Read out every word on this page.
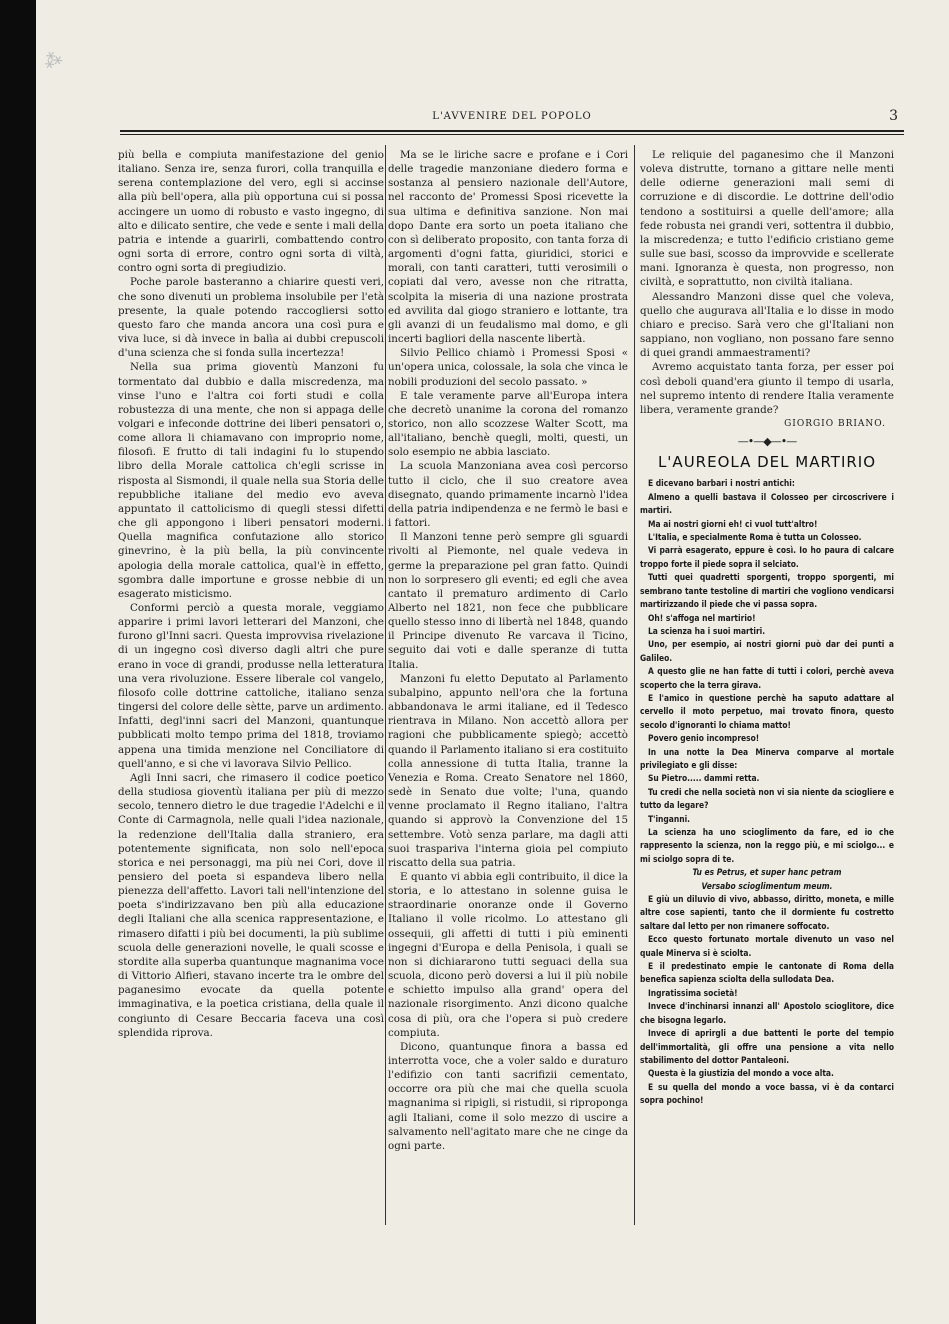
⁂
L'AVVENIRE DEL POPOLO	3

più bella e compiuta manifestazione del genio italiano. Senza ire, senza furori, colla tranquilla e serena contemplazione del vero, egli si accinse alla più bell'opera, alla più opportuna cui si possa accingere un uomo di robusto e vasto ingegno, di alto e dilicato sentire, che vede e sente i mali della patria e intende a guarirli, combattendo contro ogni sorta di errore, contro ogni sorta di viltà, contro ogni sorta di pregiudizio.

Poche parole basteranno a chiarire questi veri, che sono divenuti un problema insolubile per l'età presente, la quale potendo raccogliersi sotto questo faro che manda ancora una così pura e viva luce, si dà invece in balìa ai dubbi crepuscoli d'una scienza che si fonda sulla incertezza!

Nella sua prima gioventù Manzoni fu tormentato dal dubbio e dalla miscredenza, ma vinse l'uno e l'altra coi forti studi e colla robustezza di una mente, che non si appaga delle volgari e infeconde dottrine dei liberi pensatori o, come allora li chiamavano con improprio nome, filosofi. E frutto di tali indagini fu lo stupendo libro della Morale cattolica ch'egli scrisse in risposta al Sismondi, il quale nella sua Storia delle repubbliche italiane del medio evo aveva appuntato il cattolicismo di quegli stessi difetti che gli appongono i liberi pensatori moderni. Quella magnifica confutazione allo storico ginevrino, è la più bella, la più convincente apologia della morale cattolica, qual'è in effetto, sgombra dalle importune e grosse nebbie di un esagerato misticismo.

Conformi perciò a questa morale, veggiamo apparire i primi lavori letterari del Manzoni, che furono gl'Inni sacri. Questa improvvisa rivelazione di un ingegno così diverso dagli altri che pure erano in voce di grandi, produsse nella letteratura una vera rivoluzione. Essere liberale col vangelo, filosofo colle dottrine cattoliche, italiano senza tingersi del colore delle sètte, parve un ardimento. Infatti, degl'inni sacri del Manzoni, quantunque pubblicati molto tempo prima del 1818, troviamo appena una timida menzione nel Conciliatore di quell'anno, e si che vi lavorava Silvio Pellico.

Agli Inni sacri, che rimasero il codice poetico della studiosa gioventù italiana per più di mezzo secolo, tennero dietro le due tragedie l'Adelchi e il Conte di Carmagnola, nelle quali l'idea nazionale, la redenzione dell'Italia dalla straniero, era potentemente significata, non solo nell'epoca storica e nei personaggi, ma più nei Cori, dove il pensiero del poeta si espandeva libero nella pienezza dell'affetto. Lavori tali nell'intenzione del poeta s'indirizzavano ben più alla educazione degli Italiani che alla scenica rappresentazione, e rimasero difatti i più bei documenti, la più sublime scuola delle generazioni novelle, le quali scosse e stordite alla superba quantunque magnanima voce di Vittorio Alfieri, stavano incerte tra le ombre del paganesimo evocate da quella potente immaginativa, e la poetica cristiana, della quale il congiunto di Cesare Beccaria faceva una così splendida riprova.

Ma se le liriche sacre e profane e i Cori delle tragedie manzoniane diedero forma e sostanza al pensiero nazionale dell'Autore, nel racconto de' Promessi Sposi ricevette la sua ultima e definitiva sanzione. Non mai dopo Dante era sorto un poeta italiano che con sì deliberato proposito, con tanta forza di argomenti d'ogni fatta, giuridici, storici e morali, con tanti caratteri, tutti verosimili o copiati dal vero, avesse non che ritratta, scolpita la miseria di una nazione prostrata ed avvilita dal giogo straniero e lottante, tra gli avanzi di un feudalismo mal domo, e gli incerti bagliori della nascente libertà.

Silvio Pellico chiamò i Promessi Sposi « un'opera unica, colossale, la sola che vinca le nobili produzioni del secolo passato. »

E tale veramente parve all'Europa intera che decretò unanime la corona del romanzo storico, non allo scozzese Walter Scott, ma all'italiano, benchè quegli, molti, questi, un solo esempio ne abbia lasciato.

La scuola Manzoniana avea così percorso tutto il ciclo, che il suo creatore avea disegnato, quando primamente incarnò l'idea della patria indipendenza e ne fermò le basi e i fattori.

Il Manzoni tenne però sempre gli sguardi rivolti al Piemonte, nel quale vedeva in germe la preparazione pel gran fatto. Quindi non lo sorpresero gli eventi; ed egli che avea cantato il prematuro ardimento di Carlo Alberto nel 1821, non fece che pubblicare quello stesso inno di libertà nel 1848, quando il Principe divenuto Re varcava il Ticino, seguito dai voti e dalle speranze di tutta Italia.

Manzoni fu eletto Deputato al Parlamento subalpino, appunto nell'ora che la fortuna abbandonava le armi italiane, ed il Tedesco rientrava in Milano. Non accettò allora per ragioni che pubblicamente spiegò; accettò quando il Parlamento italiano si era costituito colla annessione di tutta Italia, tranne la Venezia e Roma. Creato Senatore nel 1860, sedè in Senato due volte; l'una, quando venne proclamato il Regno italiano, l'altra quando si approvò la Convenzione del 15 settembre. Votò senza parlare, ma dagli atti suoi traspariva l'interna gioia pel compiuto riscatto della sua patria.

E quanto vi abbia egli contribuito, il dice la storia, e lo attestano in solenne guisa le straordinarie onoranze onde il Governo Italiano il volle ricolmo. Lo attestano gli ossequii, gli affetti di tutti i più eminenti ingegni d'Europa e della Penisola, i quali se non si dichiararono tutti seguaci della sua scuola, dicono però doversi a lui il più nobile e schietto impulso alla grand' opera del nazionale risorgimento. Anzi dicono qualche cosa di più, ora che l'opera si può credere compiuta.

Dicono, quantunque finora a bassa ed interrotta voce, che a voler saldo e duraturo l'edifizio con tanti sacrifizii cementato, occorre ora più che mai che quella scuola magnanima si ripigli, si ristudii, si riproponga agli Italiani, come il solo mezzo di uscire a salvamento nell'agitato mare che ne cinge da ogni parte.

Le reliquie del paganesimo che il Manzoni voleva distrutte, tornano a gittare nelle menti delle odierne generazioni mali semi di corruzione e di discordie. Le dottrine dell'odio tendono a sostituirsi a quelle dell'amore; alla fede robusta nei grandi veri, sottentra il dubbio, la miscredenza; e tutto l'edificio cristiano geme sulle sue basi, scosso da improvvide e scellerate mani. Ignoranza è questa, non progresso, non civiltà, e soprattutto, non civiltà italiana.

Alessandro Manzoni disse quel che voleva, quello che augurava all'Italia e lo disse in modo chiaro e preciso. Sarà vero che gl'Italiani non sappiano, non vogliano, non possano fare senno di quei grandi ammaestramenti?

Avremo acquistato tanta forza, per esser poi così deboli quand'era giunto il tempo di usarla, nel supremo intento di rendere Italia veramente libera, veramente grande?

GIORGIO BRIANO.
—•—◆—•—
L'AUREOLA DEL MARTIRIO

E dicevano barbari i nostri antichi:

Almeno a quelli bastava il Colosseo per circoscrivere i martiri.

Ma ai nostri giorni eh! ci vuol tutt'altro!

L'Italia, e specialmente Roma è tutta un Colosseo.

Vi parrà esagerato, eppure è così. Io ho paura di calcare troppo forte il piede sopra il selciato.

Tutti quei quadretti sporgenti, troppo sporgenti, mi sembrano tante testoline di martiri che vogliono vendicarsi martirizzando il piede che vi passa sopra.

Oh! s'affoga nel martirio!

La scienza ha i suoi martiri.

Uno, per esempio, ai nostri giorni può dar dei punti a Galileo.

A questo glie ne han fatte di tutti i colori, perchè aveva scoperto che la terra girava.

E l'amico in questione perchè ha saputo adattare al cervello il moto perpetuo, mai trovato finora, questo secolo d'ignoranti lo chiama matto!

Povero genio incompreso!

In una notte la Dea Minerva comparve al mortale privilegiato e gli disse:

Su Pietro..... dammi retta.

Tu credi che nella società non vi sia niente da sciogliere e tutto da legare?

T'inganni.

La scienza ha uno scioglimento da fare, ed io che rappresento la scienza, non la reggo più, e mi sciolgo... e mi sciolgo sopra di te.

Tu es Petrus, et super hanc petram

Versabo scioglimentum meum.

E giù un diluvio di vivo, abbasso, diritto, moneta, e mille altre cose sapienti, tanto che il dormiente fu costretto saltare dal letto per non rimanere soffocato.

Ecco questo fortunato mortale divenuto un vaso nel quale Minerva si è sciolta.

E il predestinato empie le cantonate di Roma della benefica sapienza sciolta della sullodata Dea.

Ingratissima società!

Invece d'inchinarsi innanzi all' Apostolo scioglitore, dice che bisogna legarlo.

Invece di aprirgli a due battenti le porte del tempio dell'immortalità, gli offre una pensione a vita nello stabilimento del dottor Pantaleoni.

Questa è la giustizia del mondo a voce alta.

E su quella del mondo a voce bassa, vi è da contarci sopra pochino!
